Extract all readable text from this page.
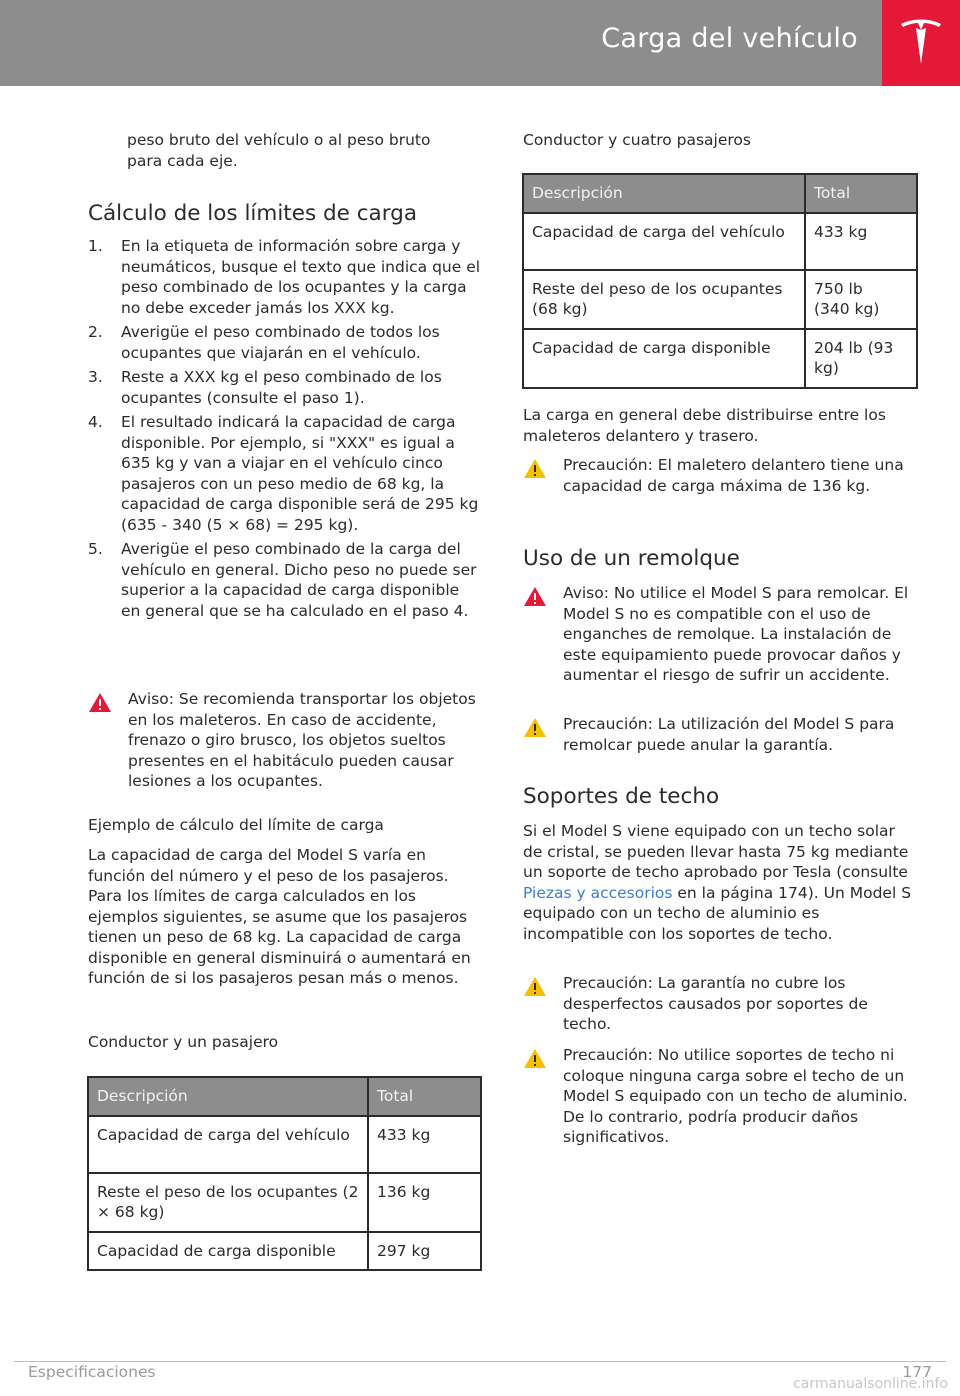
Carga del vehículo

peso bruto del vehículo o al peso bruto

para cada eje.

Cálculo de los límites de carga
1. En la etiqueta de información sobre carga y neumáticos, busque el texto que indica que el peso combinado de los ocupantes y la carga no debe exceder jamás los XXX kg.
2. Averigüe el peso combinado de todos los ocupantes que viajarán en el vehículo.
3. Reste a XXX kg el peso combinado de los ocupantes (consulte el paso 1).
4. El resultado indicará la capacidad de carga disponible. Por ejemplo, si "XXX" es igual a 635 kg y van a viajar en el vehículo cinco pasajeros con un peso medio de 68 kg, la capacidad de carga disponible será de 295 kg (635 - 340 (5 × 68) = 295 kg).
5. Averigüe el peso combinado de la carga del vehículo en general. Dicho peso no puede ser superior a la capacidad de carga disponible en general que se ha calculado en el paso 4.
Aviso: Se recomienda transportar los objetos en los maleteros. En caso de accidente, frenazo o giro brusco, los objetos sueltos presentes en el habitáculo pueden causar lesiones a los ocupantes.
Ejemplo de cálculo del límite de carga
La capacidad de carga del Model S varía en función del número y el peso de los pasajeros. Para los límites de carga calculados en los ejemplos siguientes, se asume que los pasajeros tienen un peso de 68 kg. La capacidad de carga disponible en general disminuirá o aumentará en función de si los pasajeros pesan más o menos.
Conductor y un pasajero
Descripción	Total
Capacidad de carga del vehículo	433 kg
Reste el peso de los ocupantes (2 × 68 kg)	136 kg
Capacidad de carga disponible	297 kg
Conductor y cuatro pasajeros
Descripción	Total
Capacidad de carga del vehículo	433 kg
Reste del peso de los ocupantes (68 kg)	750 lb (340 kg)
Capacidad de carga disponible	204 lb (93 kg)
La carga en general debe distribuirse entre los maleteros delantero y trasero.
Precaución: El maletero delantero tiene una capacidad de carga máxima de 136 kg.
Uso de un remolque
Aviso: No utilice el Model S para remolcar. El Model S no es compatible con el uso de enganches de remolque. La instalación de este equipamiento puede provocar daños y aumentar el riesgo de sufrir un accidente.
Precaución: La utilización del Model S para remolcar puede anular la garantía.
Soportes de techo
Si el Model S viene equipado con un techo solar de cristal, se pueden llevar hasta 75 kg mediante un soporte de techo aprobado por Tesla (consulte Piezas y accesorios en la página 174). Un Model S equipado con un techo de aluminio es incompatible con los soportes de techo.
Precaución: La garantía no cubre los desperfectos causados por soportes de techo.
Precaución: No utilice soportes de techo ni coloque ninguna carga sobre el techo de un Model S equipado con un techo de aluminio. De lo contrario, podría producir daños significativos.
Especificaciones	177
carmanualsonline.info
